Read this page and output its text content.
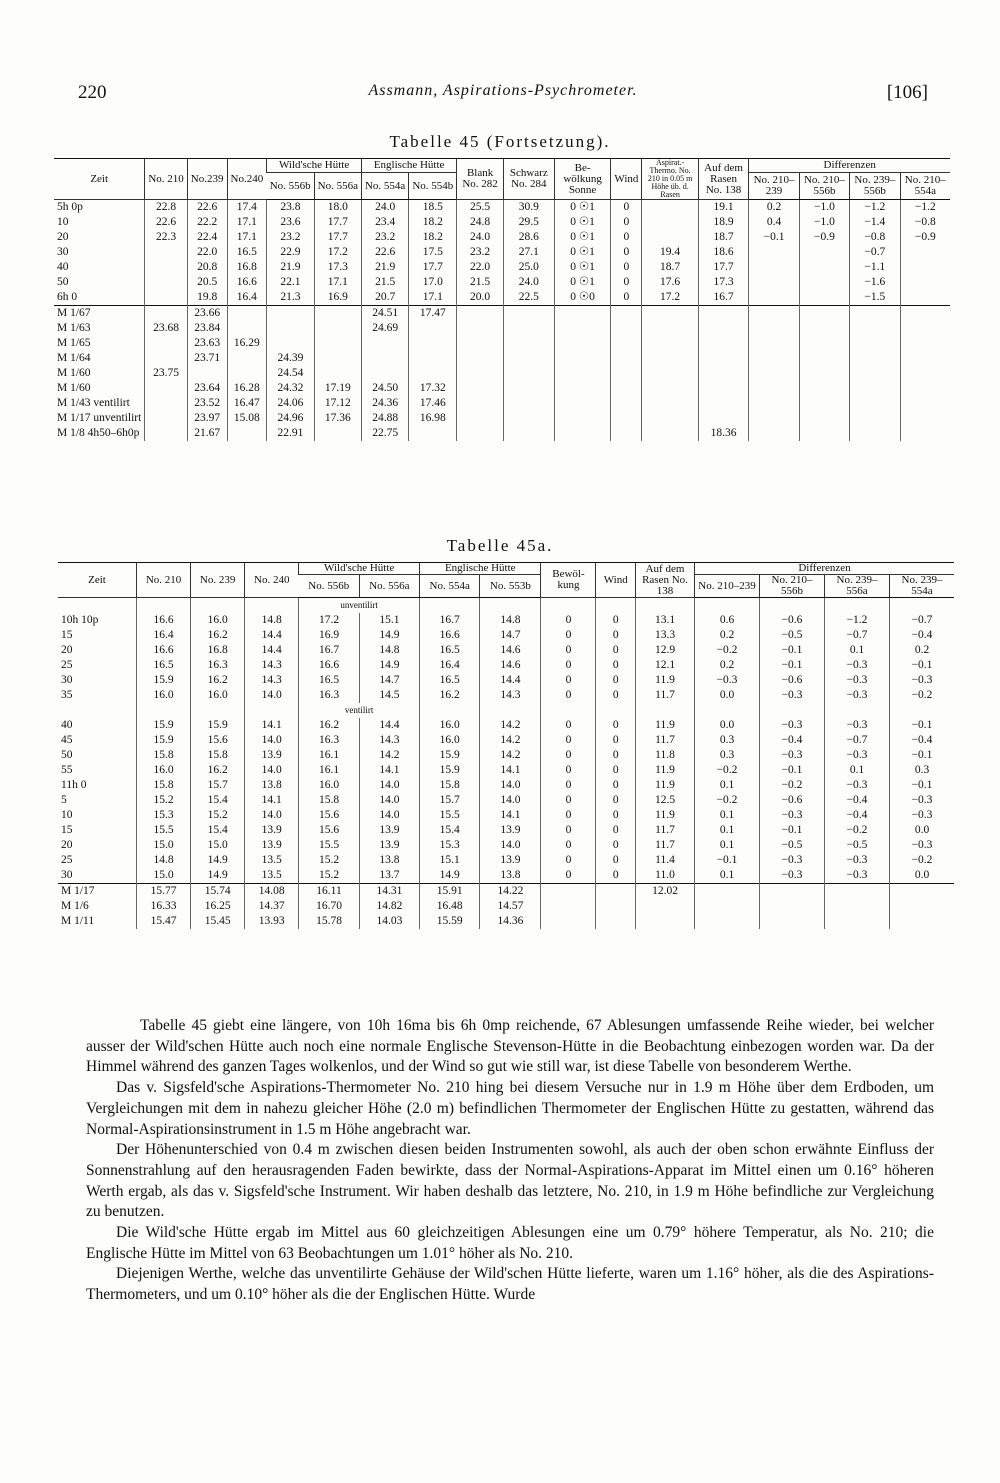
220	Assmann, Aspirations-Psychrometer.	[106]
Tabelle 45 (Fortsetzung).
Zeit	No. 210	No.239	No.240	Wild'sche Hütte		Englische Hütte		Blank No. 282	Schwarz No. 284	Be-wölkung Sonne	Wind	Aspirat.-Thermo. No. 210 in 0.05 m Höhe üb. d. Rasen	Auf dem Rasen No. 138	Differenzen			
				No. 556b	No. 556a	No. 554a	No. 554b							No. 210–239	No. 210–556b	No. 239–556b	No. 210–554a
5h 0p	22.8	22.6	17.4	23.8	18.0	24.0	18.5	25.5	30.9	0 ☉1	0		19.1	0.2	−1.0	−1.2	−1.2
10	22.6	22.2	17.1	23.6	17.7	23.4	18.2	24.8	29.5	0 ☉1	0		18.9	0.4	−1.0	−1.4	−0.8
20	22.3	22.4	17.1	23.2	17.7	23.2	18.2	24.0	28.6	0 ☉1	0		18.7	−0.1	−0.9	−0.8	−0.9
30		22.0	16.5	22.9	17.2	22.6	17.5	23.2	27.1	0 ☉1	0	19.4	18.6			−0.7	
40		20.8	16.8	21.9	17.3	21.9	17.7	22.0	25.0	0 ☉1	0	18.7	17.7			−1.1	
50		20.5	16.6	22.1	17.1	21.5	17.0	21.5	24.0	0 ☉1	0	17.6	17.3			−1.6	
6h 0		19.8	16.4	21.3	16.9	20.7	17.1	20.0	22.5	0 ☉0	0	17.2	16.7			−1.5	
M 1/67		23.66				24.51	17.47										
M 1/63	23.68	23.84				24.69											
M 1/65		23.63	16.29														
M 1/64		23.71		24.39													
M 1/60	23.75			24.54													
M 1/60		23.64	16.28	24.32	17.19	24.50	17.32										
M 1/43 ventilirt		23.52	16.47	24.06	17.12	24.36	17.46										
M 1/17 unventilirt		23.97	15.08	24.96	17.36	24.88	16.98										
M 1/8 4h50–6h0p		21.67		22.91		22.75							18.36				
Tabelle 45a.
Zeit	No. 210	No. 239	No. 240	Wild'sche Hütte		Englische Hütte		Bewöl-kung	Wind	Auf dem Rasen No. 138	Differenzen			
				No. 556b	No. 556a	No. 554a	No. 553b				No. 210–239	No. 210–556b	No. 239–556a	No. 239–554a
				unventilirt										
10h 10p	16.6	16.0	14.8	17.2	15.1	16.7	14.8	0	0	13.1	0.6	−0.6	−1.2	−0.7
15	16.4	16.2	14.4	16.9	14.9	16.6	14.7	0	0	13.3	0.2	−0.5	−0.7	−0.4
20	16.6	16.8	14.4	16.7	14.8	16.5	14.6	0	0	12.9	−0.2	−0.1	0.1	0.2
25	16.5	16.3	14.3	16.6	14.9	16.4	14.6	0	0	12.1	0.2	−0.1	−0.3	−0.1
30	15.9	16.2	14.3	16.5	14.7	16.5	14.4	0	0	11.9	−0.3	−0.6	−0.3	−0.3
35	16.0	16.0	14.0	16.3	14.5	16.2	14.3	0	0	11.7	0.0	−0.3	−0.3	−0.2
				ventilirt										
40	15.9	15.9	14.1	16.2	14.4	16.0	14.2	0	0	11.9	0.0	−0.3	−0.3	−0.1
45	15.9	15.6	14.0	16.3	14.3	16.0	14.2	0	0	11.7	0.3	−0.4	−0.7	−0.4
50	15.8	15.8	13.9	16.1	14.2	15.9	14.2	0	0	11.8	0.3	−0.3	−0.3	−0.1
55	16.0	16.2	14.0	16.1	14.1	15.9	14.1	0	0	11.9	−0.2	−0.1	0.1	0.3
11h 0	15.8	15.7	13.8	16.0	14.0	15.8	14.0	0	0	11.9	0.1	−0.2	−0.3	−0.1
5	15.2	15.4	14.1	15.8	14.0	15.7	14.0	0	0	12.5	−0.2	−0.6	−0.4	−0.3
10	15.3	15.2	14.0	15.6	14.0	15.5	14.1	0	0	11.9	0.1	−0.3	−0.4	−0.3
15	15.5	15.4	13.9	15.6	13.9	15.4	13.9	0	0	11.7	0.1	−0.1	−0.2	0.0
20	15.0	15.0	13.9	15.5	13.9	15.3	14.0	0	0	11.7	0.1	−0.5	−0.5	−0.3
25	14.8	14.9	13.5	15.2	13.8	15.1	13.9	0	0	11.4	−0.1	−0.3	−0.3	−0.2
30	15.0	14.9	13.5	15.2	13.7	14.9	13.8	0	0	11.0	0.1	−0.3	−0.3	0.0
M 1/17	15.77	15.74	14.08	16.11	14.31	15.91	14.22			12.02				
M 1/6	16.33	16.25	14.37	16.70	14.82	16.48	14.57							
M 1/11	15.47	15.45	13.93	15.78	14.03	15.59	14.36							

Tabelle 45 giebt eine längere, von 10h 16ma bis 6h 0mp reichende, 67 Ablesungen umfassende Reihe wieder, bei welcher ausser der Wild'schen Hütte auch noch eine normale Englische Stevenson-Hütte in die Beobachtung einbezogen worden war. Da der Himmel während des ganzen Tages wolkenlos, und der Wind so gut wie still war, ist diese Tabelle von besonderem Werthe.

Das v. Sigsfeld'sche Aspirations-Thermometer No. 210 hing bei diesem Versuche nur in 1.9 m Höhe über dem Erdboden, um Vergleichungen mit dem in nahezu gleicher Höhe (2.0 m) befindlichen Thermometer der Englischen Hütte zu gestatten, während das Normal-Aspirationsinstrument in 1.5 m Höhe angebracht war.

Der Höhenunterschied von 0.4 m zwischen diesen beiden Instrumenten sowohl, als auch der oben schon erwähnte Einfluss der Sonnenstrahlung auf den herausragenden Faden bewirkte, dass der Normal-Aspirations-Apparat im Mittel einen um 0.16° höheren Werth ergab, als das v. Sigsfeld'sche Instrument. Wir haben deshalb das letztere, No. 210, in 1.9 m Höhe befindliche zur Vergleichung zu benutzen.

Die Wild'sche Hütte ergab im Mittel aus 60 gleichzeitigen Ablesungen eine um 0.79° höhere Temperatur, als No. 210; die Englische Hütte im Mittel von 63 Beobachtungen um 1.01° höher als No. 210.

Diejenigen Werthe, welche das unventilirte Gehäuse der Wild'schen Hütte lieferte, waren um 1.16° höher, als die des Aspirations-Thermometers, und um 0.10° höher als die der Englischen Hütte. Wurde
